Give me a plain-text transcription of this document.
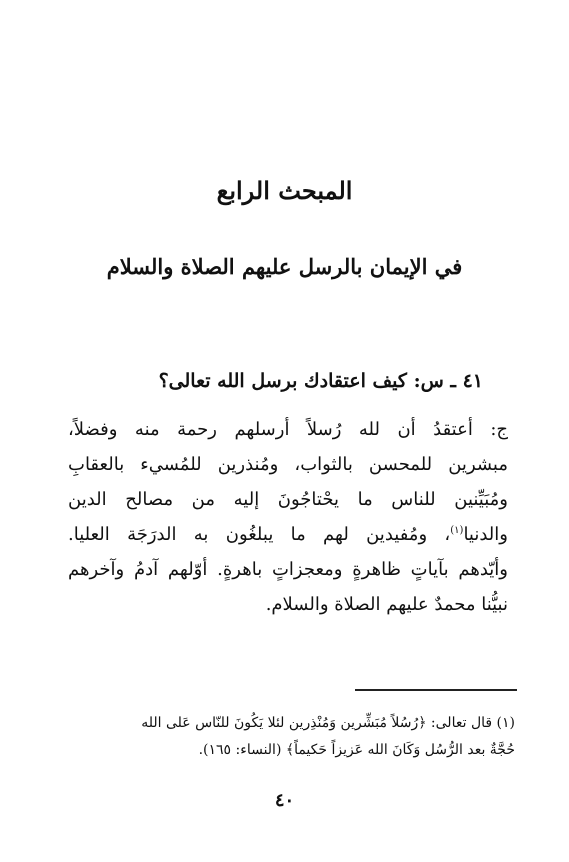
المبحث الرابع
في الإيمان بالرسل عليهم الصلاة والسلام
٤١ ـ س: كيف اعتقادك برسل الله تعالى؟
ج: أعتقدُ أن لله رُسلاً أرسلهم رحمة منه وفضلاً،
مبشرين للمحسن بالثواب، ومُنذرين للمُسيء بالعقابِ
ومُبَيِّنين للناس ما يحْتاجُونَ إليه من مصالح الدين
والدنيا$^{(١)}$، ومُفيدين لهم ما يبلغُون به الدرَجَة العليا.
وأيّدهم بآياتٍ ظاهرةٍ ومعجزاتٍ باهرةٍ. أوّلهم آدمُ وآخرهم
نبيُّنا محمدٌ عليهم الصلاة والسلام.
(١) قال تعالى: ﴿رُسُلاً مُبَشِّرين وَمُنْذِرين لئلا يَكُونَ للنّاس عَلى الله
حُجَّةٌ بعد الرُّسُل وَكَانَ الله عَزيزاً حَكيماً﴾ (النساء: ١٦٥).
٤٠
